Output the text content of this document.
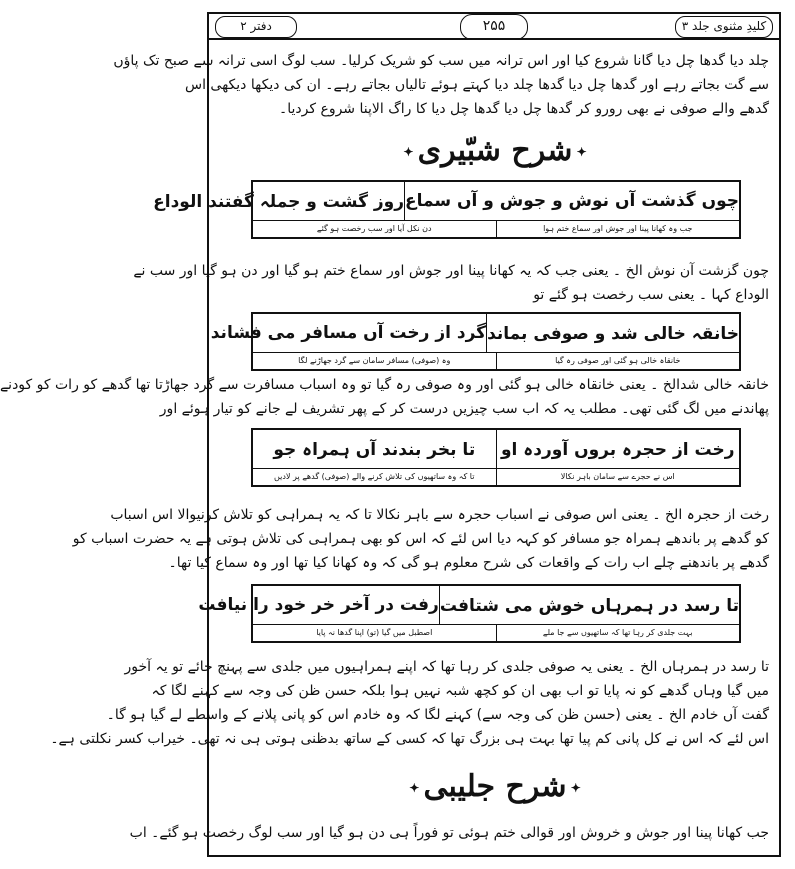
کلیدِ مثنوی جلد ۳
۲۵۵
دفتر ۲
چلد دیا گدھا چل دیا گانا شروع کیا اور اس ترانہ میں سب کو شریک کرلیا۔ سب لوگ اسی ترانہ سے صبح تک پاؤں
سے گت بجاتے رہے اور گدھا چل دیا گدھا چلد دیا کہتے ہوئے تالیاں بجاتے رہے۔ ان کی دیکھا دیکھی اس
گدھے والے صوفی نے بھی رورو کر گدھا چل دیا گدھا چل دیا کا راگ الاپنا شروع کردیا۔
✦ شرح شبّیری ✦
چوں گذشت آں نوش و جوش و آں سماع
روز گشت و جملہ گفتند الوداع
جب وہ کھانا پینا اور جوش اور سماع ختم ہوا
دن نکل آیا اور سب رخصت ہو گئے
چون گزشت آن نوش الخ ۔ یعنی جب کہ یہ کھانا پینا اور جوش اور سماع ختم ہو گیا اور دن ہو گیا اور سب نے
الوداع کہا ۔ یعنی سب رخصت ہو گئے تو
خانقہ خالی شد و صوفی بماند
گرد از رخت آں مسافر می فشاند
خانقاہ خالی ہو گئی اور صوفی رہ گیا
وہ (صوفی) مسافر سامان سے گرد جھاڑنے لگا
خانقہ خالی شدالخ ۔ یعنی خانقاہ خالی ہو گئی اور وہ صوفی رہ گیا تو وہ اسباب مسافرت سے گرد جھاڑتا تھا گدھے کو رات کو کودنے
پھاندنے میں لگ گئی تھی۔ مطلب یہ کہ اب سب چیزیں درست کر کے پھر تشریف لے جانے کو تیار ہوئے اور
رخت از حجرہ بروں آوردہ او
تا بخر بندند آں ہمراہ جو
اس نے حجرے سے سامان باہر نکالا
تا کہ وہ ساتھیوں کی تلاش کرنے والے (صوفی) گدھے پر لادیں
رخت از حجرہ الخ ۔ یعنی اس صوفی نے اسباب حجرہ سے باہر نکالا تا کہ یہ ہمراہی کو تلاش کرنیوالا اس اسباب
کو گدھے پر باندھے ہمراہ جو مسافر کو کہہ دیا اس لئے کہ اس کو بھی ہمراہی کی تلاش ہوتی ہے یہ حضرت اسباب کو
گدھے پر باندھنے چلے اب رات کے واقعات کی شرح معلوم ہو گی کہ وہ کھانا کیا تھا اور وہ سماع کیا تھا۔
تا رسد در ہمرہاں خوش می شتافت
رفت در آخر خر خود را نیافت
بہت جلدی کر رہا تھا کہ ساتھیوں سے جا ملے
اصطبل میں گیا (تو) اپنا گدھا نہ پایا
تا رسد در ہمرہاں الخ ۔ یعنی یہ صوفی جلدی کر رہا تھا کہ اپنے ہمراہیوں میں جلدی سے پہنچ جائے تو یہ آخور
میں گیا وہاں گدھے کو نہ پایا تو اب بھی ان کو کچھ شبہ نہیں ہوا بلکہ حسن ظن کی وجہ سے کہنے لگا کہ
گفت آں خادم الخ ۔ یعنی (حسن ظن کی وجہ سے) کہنے لگا کہ وہ خادم اس کو پانی پلانے کے واسطے لے گیا ہو گا۔
اس لئے کہ اس نے کل پانی کم پیا تھا بہت ہی بزرگ تھا کہ کسی کے ساتھ بدظنی ہوتی ہی نہ تھی۔ خیراب کسر نکلتی ہے۔
✦ شرح جلیبی ✦
جب کھانا پینا اور جوش و خروش اور قوالی ختم ہوئی تو فوراً ہی دن ہو گیا اور سب لوگ رخصت ہو گئے۔ اب
